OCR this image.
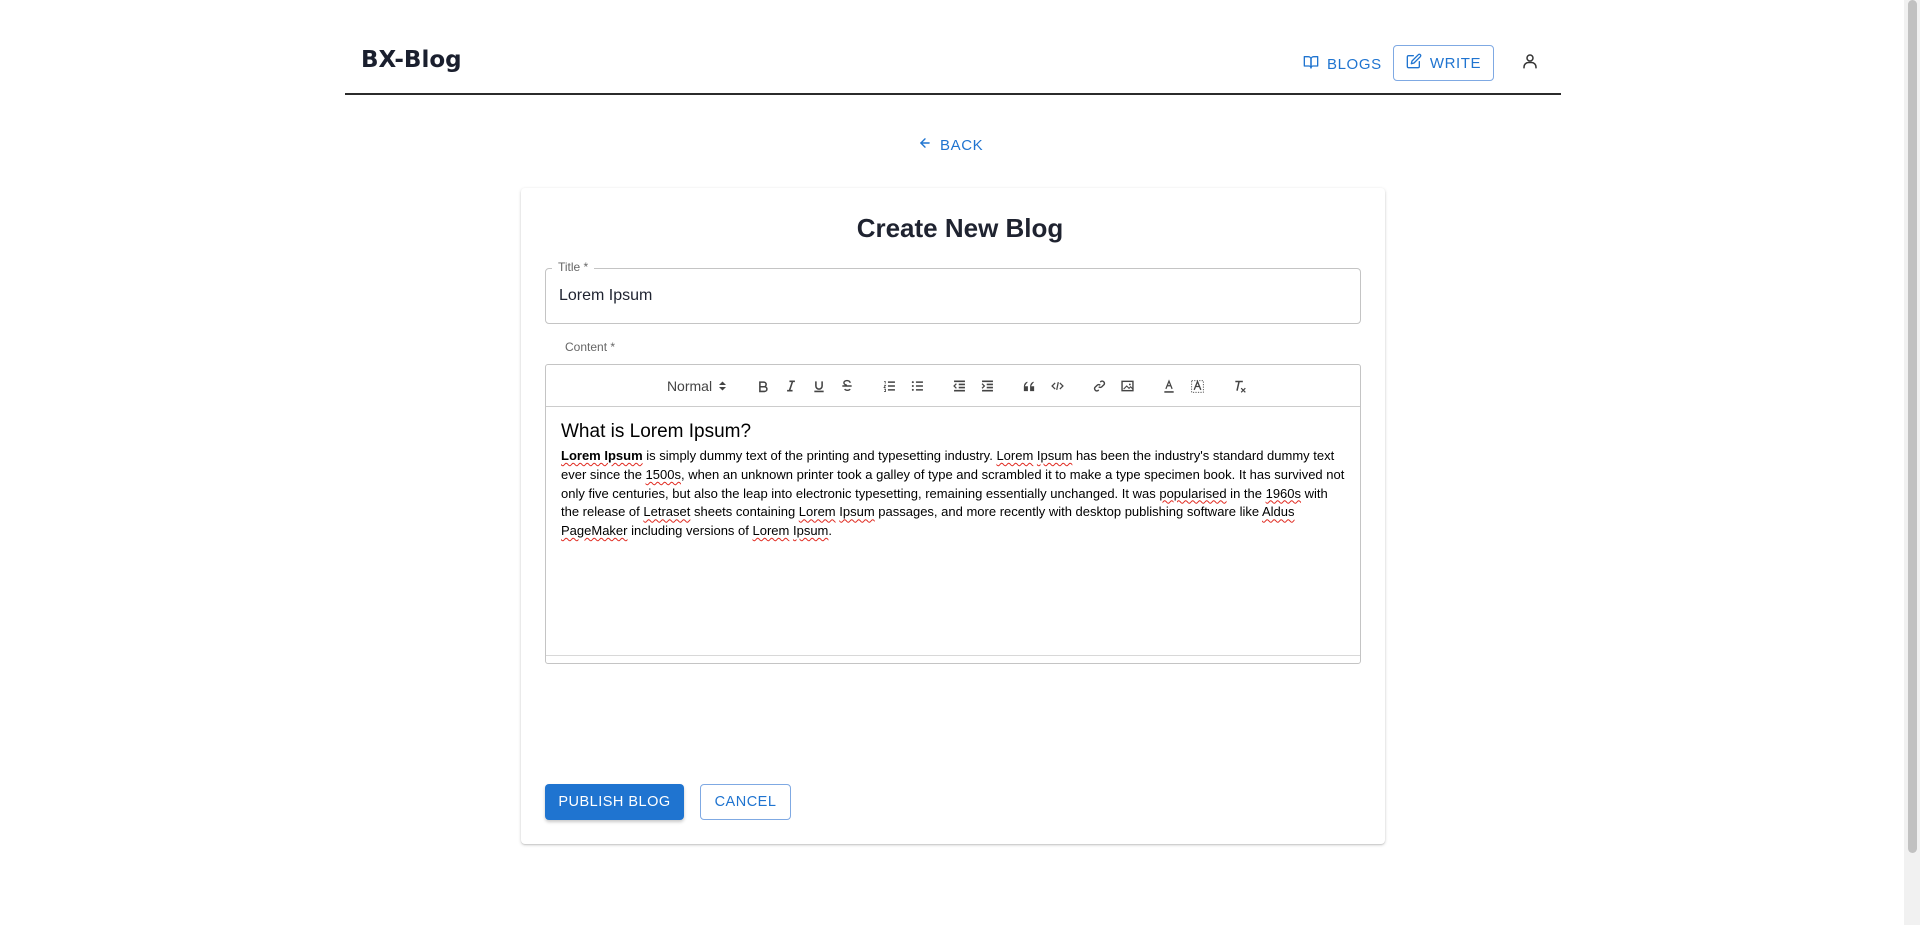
BX-Blog	BLOGS	WRITE
BACK
Create New Blog
Lorem Ipsum
Title *
Content *
Normal
What is Lorem Ipsum?
Lorem Ipsum is simply dummy text of the printing and typesetting industry. Lorem Ipsum has been the industry's standard dummy text ever since the 1500s, when an unknown printer took a galley of type and scrambled it to make a type specimen book. It has survived not only five centuries, but also the leap into electronic typesetting, remaining essentially unchanged. It was popularised in the 1960s with the release of Letraset sheets containing Lorem Ipsum passages, and more recently with desktop publishing software like Aldus PageMaker including versions of Lorem Ipsum.
PUBLISH BLOG	CANCEL
